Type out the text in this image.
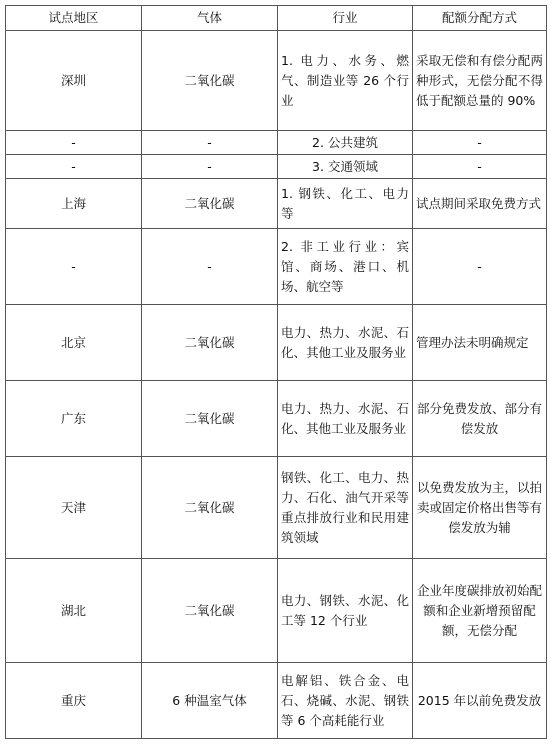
试点地区	气体	行业	配额分配方式
深圳	二氧化碳	1. 电力、水务、燃气、制造业等 26 个行业	采取无偿和有偿分配两种形式，无偿分配不得低于配额总量的 90%
-	-	2. 公共建筑	-
-	-	3. 交通领域	-
上海	二氧化碳	1. 钢铁、化工、电力等	试点期间采取免费方式
-	-	2. 非工业行业：宾馆、商场、港口、机场、航空等	-
北京	二氧化碳	电力、热力、水泥、石化、其他工业及服务业	管理办法未明确规定
广东	二氧化碳	电力、热力、水泥、石化、其他工业及服务业	部分免费发放、部分有偿发放
天津	二氧化碳	钢铁、化工、电力、热力、石化、油气开采等重点排放行业和民用建筑领域	以免费发放为主，以拍卖或固定价格出售等有偿发放为辅
湖北	二氧化碳	电力、钢铁、水泥、化工等 12 个行业	企业年度碳排放初始配额和企业新增预留配额，无偿分配
重庆	6 种温室气体	电解铝、铁合金、电石、烧碱、水泥、钢铁等 6 个高耗能行业	2015 年以前免费发放
